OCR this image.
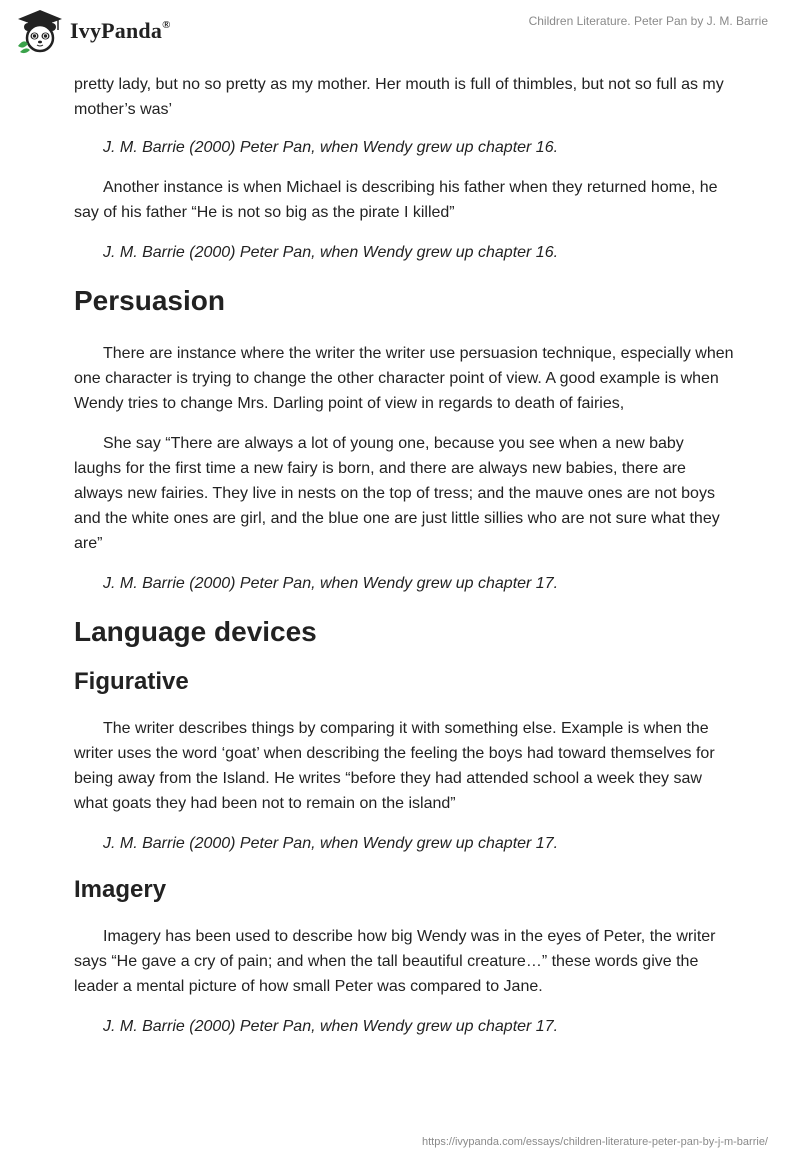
IvyPanda®	Children Literature. Peter Pan by J. M. Barrie

pretty lady, but no so pretty as my mother. Her mouth is full of thimbles, but not so full as my mother’s was’

J. M. Barrie (2000) Peter Pan, when Wendy grew up chapter 16.

Another instance is when Michael is describing his father when they returned home, he say of his father “He is not so big as the pirate I killed”

J. M. Barrie (2000) Peter Pan, when Wendy grew up chapter 16.

Persuasion

There are instance where the writer the writer use persuasion technique, especially when one character is trying to change the other character point of view. A good example is when Wendy tries to change Mrs. Darling point of view in regards to death of fairies,

She say “There are always a lot of young one, because you see when a new baby laughs for the first time a new fairy is born, and there are always new babies, there are always new fairies. They live in nests on the top of tress; and the mauve ones are not boys and the white ones are girl, and the blue one are just little sillies who are not sure what they are”

J. M. Barrie (2000) Peter Pan, when Wendy grew up chapter 17.

Language devices
Figurative

The writer describes things by comparing it with something else. Example is when the writer uses the word ‘goat’ when describing the feeling the boys had toward themselves for being away from the Island. He writes “before they had attended school a week they saw what goats they had been not to remain on the island”

J. M. Barrie (2000) Peter Pan, when Wendy grew up chapter 17.

Imagery

Imagery has been used to describe how big Wendy was in the eyes of Peter, the writer says “He gave a cry of pain; and when the tall beautiful creature…” these words give the leader a mental picture of how small Peter was compared to Jane.

J. M. Barrie (2000) Peter Pan, when Wendy grew up chapter 17.

https://ivypanda.com/essays/children-literature-peter-pan-by-j-m-barrie/
